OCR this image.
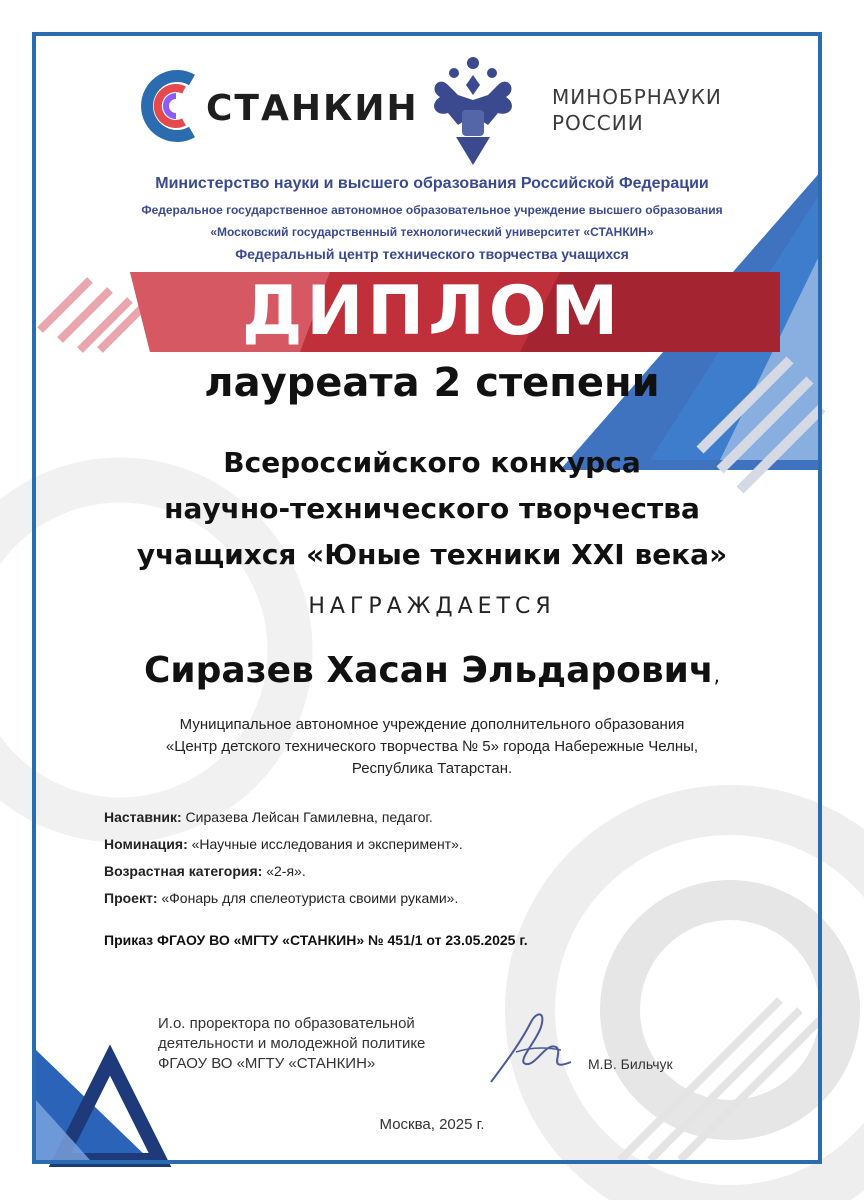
СТАНКИН	МИНОБРНАУКИ
РОССИИ
Министерство науки и высшего образования Российской Федерации
Федеральное государственное автономное образовательное учреждение высшего образования
«Московский государственный технологический университет «СТАНКИН»
Федеральный центр технического творчества учащихся
ДИПЛОМ
лауреата 2 степени
Всероссийского конкурса
научно-технического творчества
учащихся «Юные техники XXI века»
НАГРАЖДАЕТСЯ
Сиразев Хасан Эльдарович,
Муниципальное автономное учреждение дополнительного образования
«Центр детского технического творчества № 5» города Набережные Челны,
Республика Татарстан.
Наставник: Сиразева Лейсан Гамилевна, педагог.
Номинация: «Научные исследования и эксперимент».
Возрастная категория: «2-я».
Проект: «Фонарь для спелеотуриста своими руками».
Приказ ФГАОУ ВО «МГТУ «СТАНКИН» № 451/1 от 23.05.2025 г.
И.о. проректора по образовательной
деятельности и молодежной политике
ФГАОУ ВО «МГТУ «СТАНКИН»	М.В. Бильчук
Москва, 2025 г.
